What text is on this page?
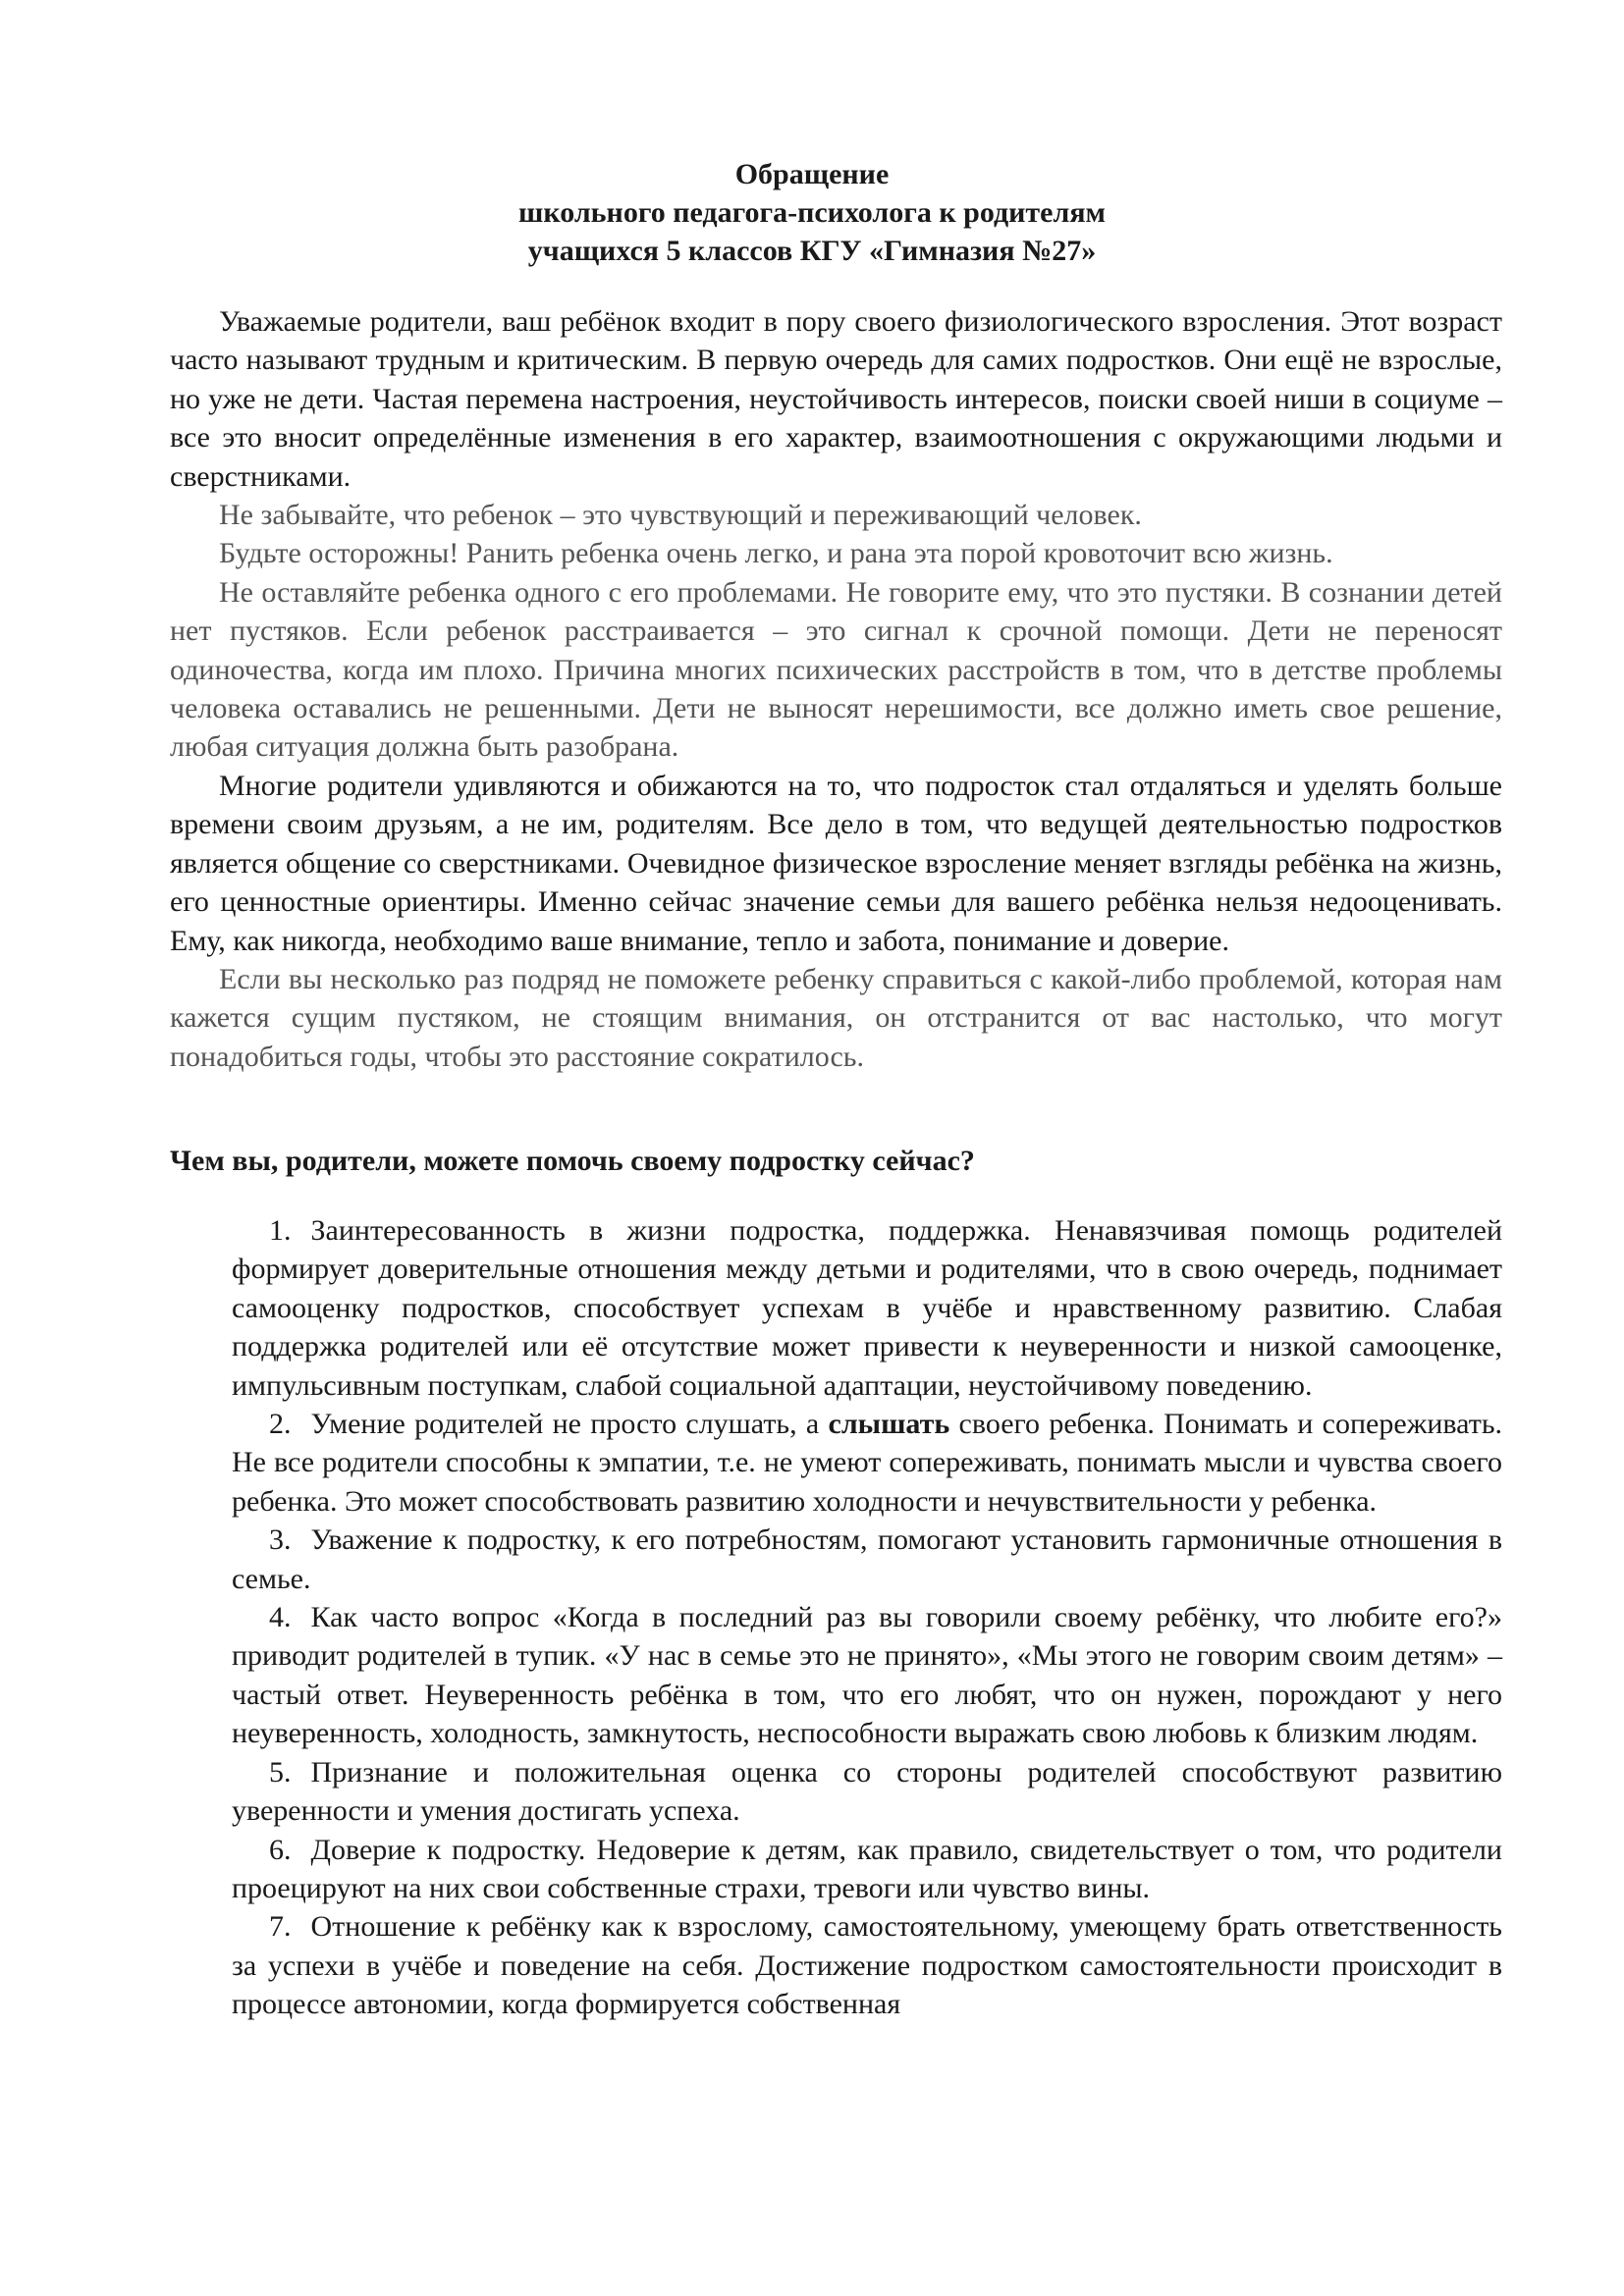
Обращение
школьного педагога-психолога к родителям
учащихся 5 классов КГУ «Гимназия №27»

Уважаемые родители, ваш ребёнок входит в пору своего физиологического взросления. Этот возраст часто называют трудным и критическим. В первую очередь для самих подростков. Они ещё не взрослые, но уже не дети. Частая перемена настроения, неустойчивость интересов, поиски своей ниши в социуме – все это вносит определённые изменения в его характер, взаимоотношения с окружающими людьми и сверстниками.

Не забывайте, что ребенок – это чувствующий и переживающий человек.

Будьте осторожны! Ранить ребенка очень легко, и рана эта порой кровоточит всю жизнь.

Не оставляйте ребенка одного с его проблемами. Не говорите ему, что это пустяки. В сознании детей нет пустяков. Если ребенок расстраивается – это сигнал к срочной помощи. Дети не переносят одиночества, когда им плохо. Причина многих психических расстройств в том, что в детстве проблемы человека оставались не решенными. Дети не выносят нерешимости, все должно иметь свое решение, любая ситуация должна быть разобрана.

Многие родители удивляются и обижаются на то, что подросток стал отдаляться и уделять больше времени своим друзьям, а не им, родителям. Все дело в том, что ведущей деятельностью подростков является общение со сверстниками. Очевидное физическое взросление меняет взгляды ребёнка на жизнь, его ценностные ориентиры. Именно сейчас значение семьи для вашего ребёнка нельзя недооценивать. Ему, как никогда, необходимо ваше внимание, тепло и забота, понимание и доверие.

Если вы несколько раз подряд не поможете ребенку справиться с какой-либо проблемой, которая нам кажется сущим пустяком, не стоящим внимания, он отстранится от вас настолько, что могут понадобиться годы, чтобы это расстояние сократилось.

Чем вы, родители, можете помочь своему подростку сейчас?
1. Заинтересованность в жизни подростка, поддержка. Ненавязчивая помощь родителей формирует доверительные отношения между детьми и родителями, что в свою очередь, поднимает самооценку подростков, способствует успехам в учёбе и нравственному развитию. Слабая поддержка родителей или её отсутствие может привести к неуверенности и низкой самооценке, импульсивным поступкам, слабой социальной адаптации, неустойчивому поведению.
2. Умение родителей не просто слушать, а слышать своего ребенка. Понимать и сопереживать. Не все родители способны к эмпатии, т.е. не умеют сопереживать, понимать мысли и чувства своего ребенка. Это может способствовать развитию холодности и нечувствительности у ребенка.
3. Уважение к подростку, к его потребностям, помогают установить гармоничные отношения в семье.
4. Как часто вопрос «Когда в последний раз вы говорили своему ребёнку, что любите его?» приводит родителей в тупик. «У нас в семье это не принято», «Мы этого не говорим своим детям» – частый ответ. Неуверенность ребёнка в том, что его любят, что он нужен, порождают у него неуверенность, холодность, замкнутость, неспособности выражать свою любовь к близким людям.
5. Признание и положительная оценка со стороны родителей способствуют развитию уверенности и умения достигать успеха.
6. Доверие к подростку. Недоверие к детям, как правило, свидетельствует о том, что родители проецируют на них свои собственные страхи, тревоги или чувство вины.
7. Отношение к ребёнку как к взрослому, самостоятельному, умеющему брать ответственность за успехи в учёбе и поведение на себя. Достижение подростком самостоятельности происходит в процессе автономии, когда формируется собственная
